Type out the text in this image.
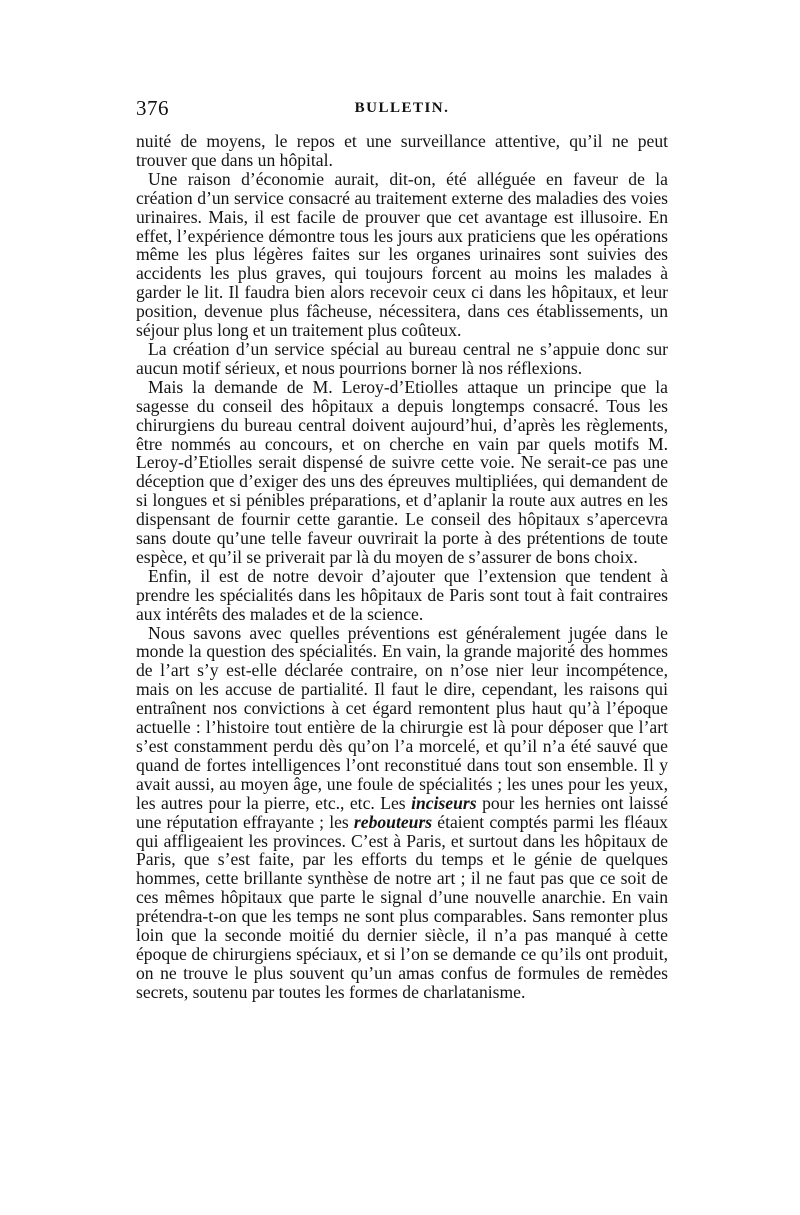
376	BULLETIN.

nuité de moyens, le repos et une surveillance attentive, qu’il ne peut trouver que dans un hôpital.

Une raison d’économie aurait, dit-on, été alléguée en faveur de la création d’un service consacré au traitement externe des maladies des voies urinaires. Mais, il est facile de prouver que cet avantage est illusoire. En effet, l’expérience démontre tous les jours aux praticiens que les opérations même les plus légères faites sur les organes urinaires sont suivies des accidents les plus graves, qui toujours forcent au moins les malades à garder le lit. Il faudra bien alors recevoir ceux ci dans les hôpitaux, et leur position, devenue plus fâcheuse, nécessitera, dans ces établissements, un séjour plus long et un traitement plus coûteux.

La création d’un service spécial au bureau central ne s’appuie donc sur aucun motif sérieux, et nous pourrions borner là nos réflexions.

Mais la demande de M. Leroy-d’Etiolles attaque un principe que la sagesse du conseil des hôpitaux a depuis longtemps consacré. Tous les chirurgiens du bureau central doivent aujourd’hui, d’après les règlements, être nommés au concours, et on cherche en vain par quels motifs M. Leroy-d’Etiolles serait dispensé de suivre cette voie. Ne serait-ce pas une déception que d’exiger des uns des épreuves multipliées, qui demandent de si longues et si pénibles préparations, et d’aplanir la route aux autres en les dispensant de fournir cette garantie. Le conseil des hôpitaux s’apercevra sans doute qu’une telle faveur ouvrirait la porte à des prétentions de toute espèce, et qu’il se priverait par là du moyen de s’assurer de bons choix.

Enfin, il est de notre devoir d’ajouter que l’extension que tendent à prendre les spécialités dans les hôpitaux de Paris sont tout à fait contraires aux intérêts des malades et de la science.

Nous savons avec quelles préventions est généralement jugée dans le monde la question des spécialités. En vain, la grande majorité des hommes de l’art s’y est-elle déclarée contraire, on n’ose nier leur incompétence, mais on les accuse de partialité. Il faut le dire, cependant, les raisons qui entraînent nos convictions à cet égard remontent plus haut qu’à l’époque actuelle : l’histoire tout entière de la chirurgie est là pour déposer que l’art s’est constamment perdu dès qu’on l’a morcelé, et qu’il n’a été sauvé que quand de fortes intelligences l’ont reconstitué dans tout son ensemble. Il y avait aussi, au moyen âge, une foule de spécialités ; les unes pour les yeux, les autres pour la pierre, etc., etc. Les inciseurs pour les hernies ont laissé une réputation effrayante ; les rebouteurs étaient comptés parmi les fléaux qui affligeaient les provinces. C’est à Paris, et surtout dans les hôpitaux de Paris, que s’est faite, par les efforts du temps et le génie de quelques hommes, cette brillante synthèse de notre art ; il ne faut pas que ce soit de ces mêmes hôpitaux que parte le signal d’une nouvelle anarchie. En vain prétendra-t-on que les temps ne sont plus comparables. Sans remonter plus loin que la seconde moitié du dernier siècle, il n’a pas manqué à cette époque de chirurgiens spéciaux, et si l’on se demande ce qu’ils ont produit, on ne trouve le plus souvent qu’un amas confus de formules de remèdes secrets, soutenu par toutes les formes de charlatanisme.
